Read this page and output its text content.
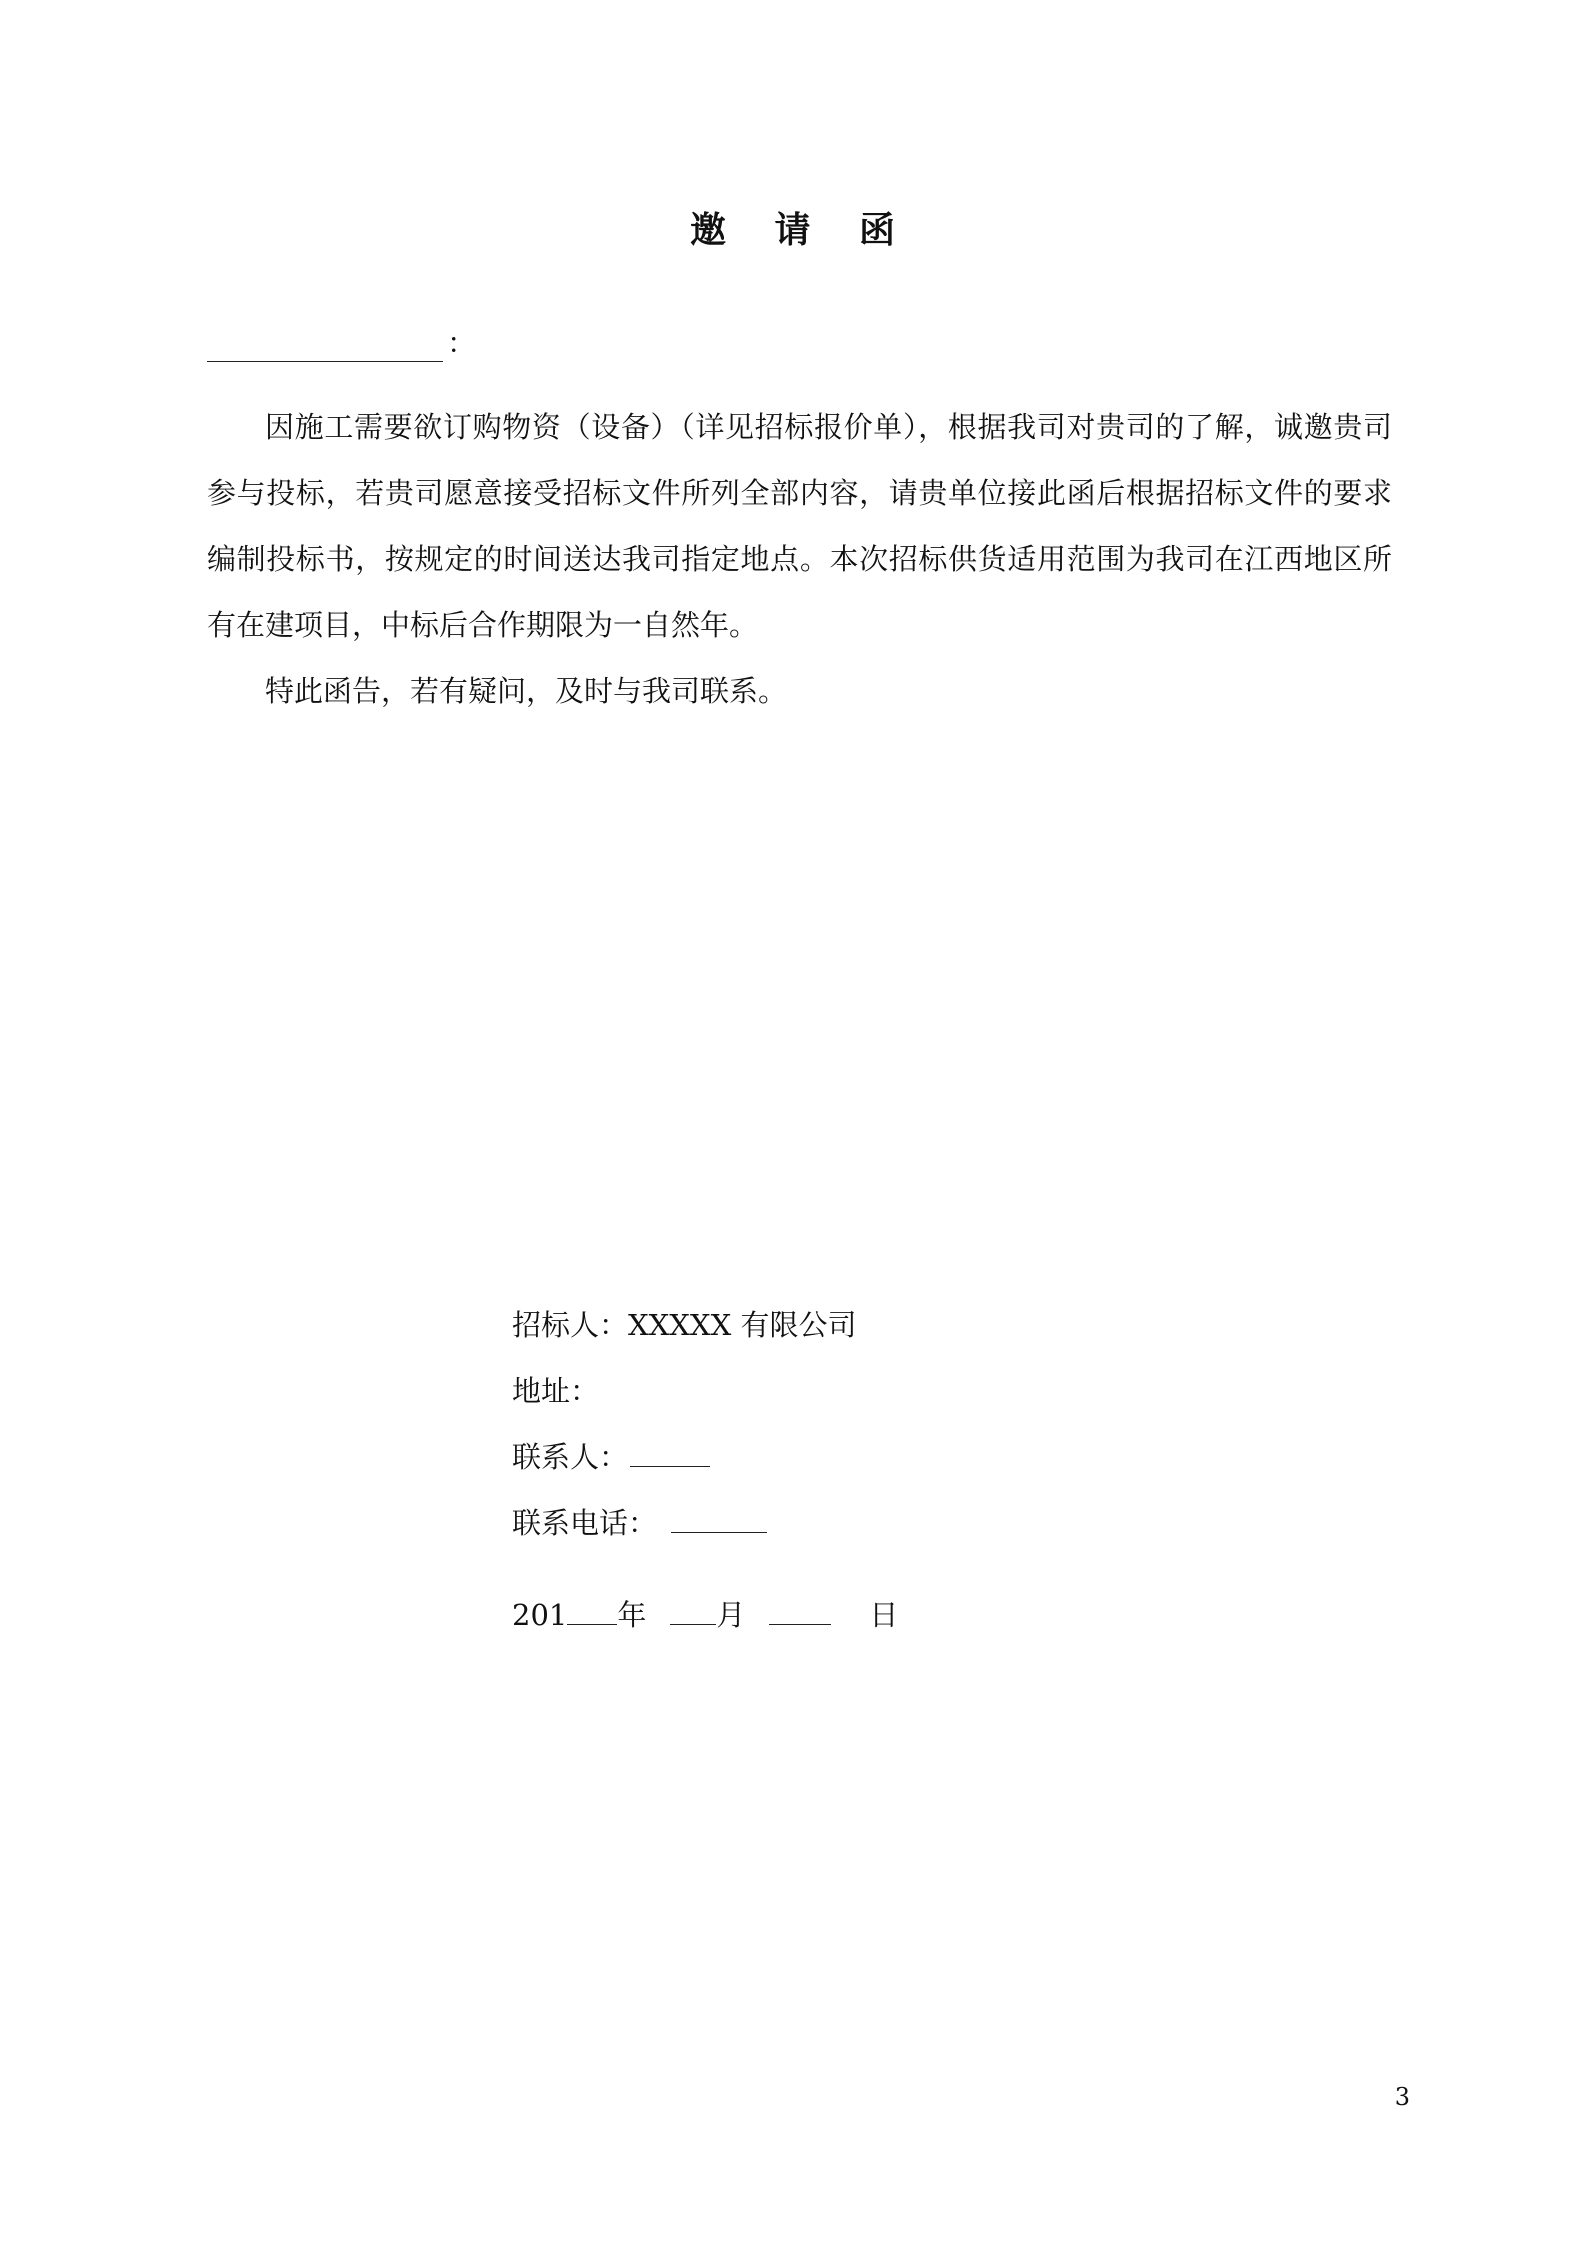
邀 请 函
：

因施工需要欲订购物资（设备）（详见招标报价单），根据我司对贵司的了解，诚邀贵司参与投标，若贵司愿意接受招标文件所列全部内容，请贵单位接此函后根据招标文件的要求编制投标书，按规定的时间送达我司指定地点。本次招标供货适用范围为我司在江西地区所有在建项目，中标后合作期限为一自然年。

特此函告，若有疑问，及时与我司联系。

招标人：XXXXX 有限公司
地址：
联系人：
联系电话：
201 年 月	日
3
